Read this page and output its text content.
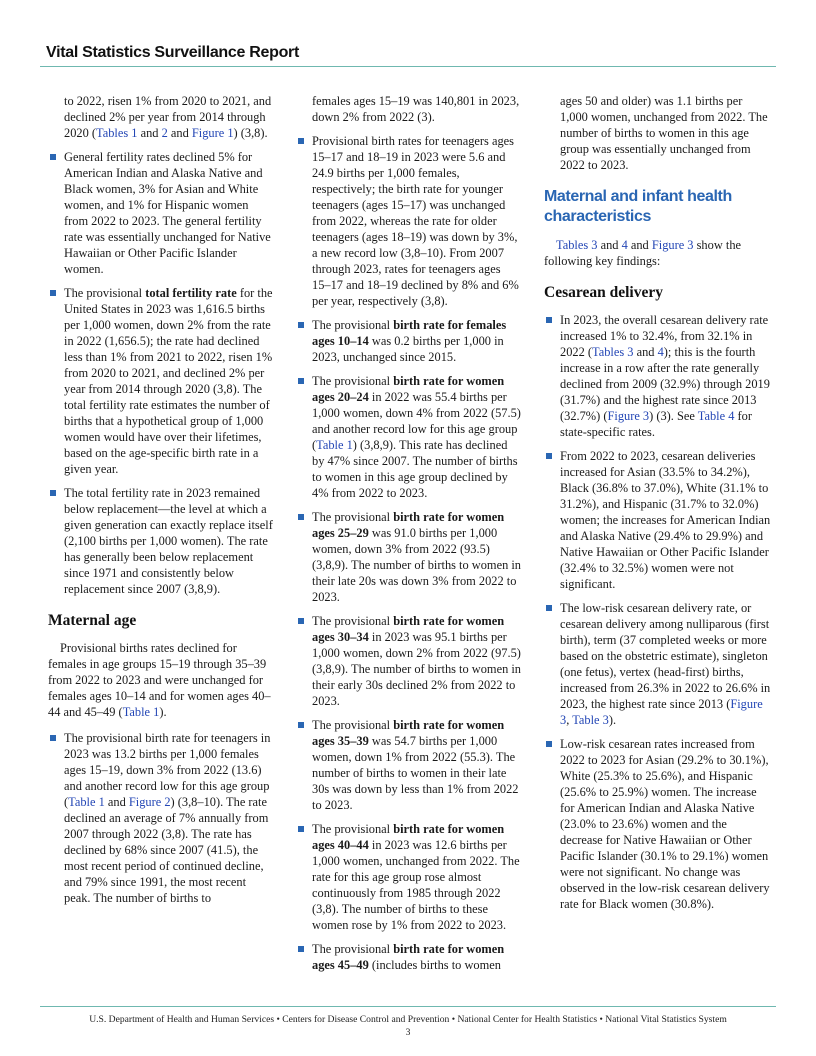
Vital Statistics Surveillance Report

to 2022, risen 1% from 2020 to 2021, and declined 2% per year from 2014 through 2020 (Tables 1 and 2 and Figure 1) (3,8).

General fertility rates declined 5% for American Indian and Alaska Native and Black women, 3% for Asian and White women, and 1% for Hispanic women from 2022 to 2023. The general fertility rate was essentially unchanged for Native Hawaiian or Other Pacific Islander women.
The provisional total fertility rate for the United States in 2023 was 1,616.5 births per 1,000 women, down 2% from the rate in 2022 (1,656.5); the rate had declined less than 1% from 2021 to 2022, risen 1% from 2020 to 2021, and declined 2% per year from 2014 through 2020 (3,8). The total fertility rate estimates the number of births that a hypothetical group of 1,000 women would have over their lifetimes, based on the age-specific birth rate in a given year.
The total fertility rate in 2023 remained below replacement—the level at which a given generation can exactly replace itself (2,100 births per 1,000 women). The rate has generally been below replacement since 1971 and consistently below replacement since 2007 (3,8,9).
Maternal age

Provisional births rates declined for females in age groups 15–19 through 35–39 from 2022 to 2023 and were unchanged for females ages 10–14 and for women ages 40–44 and 45–49 (Table 1).

The provisional birth rate for teenagers in 2023 was 13.2 births per 1,000 females ages 15–19, down 3% from 2022 (13.6) and another record low for this age group (Table 1 and Figure 2) (3,8–10). The rate declined an average of 7% annually from 2007 through 2022 (3,8). The rate has declined by 68% since 2007 (41.5), the most recent period of continued decline, and 79% since 1991, the most recent peak. The number of births to

females ages 15–19 was 140,801 in 2023, down 2% from 2022 (3).

Provisional birth rates for teenagers ages 15–17 and 18–19 in 2023 were 5.6 and 24.9 births per 1,000 females, respectively; the birth rate for younger teenagers (ages 15–17) was unchanged from 2022, whereas the rate for older teenagers (ages 18–19) was down by 3%, a new record low (3,8–10). From 2007 through 2023, rates for teenagers ages 15–17 and 18–19 declined by 8% and 6% per year, respectively (3,8).
The provisional birth rate for females ages 10–14 was 0.2 births per 1,000 in 2023, unchanged since 2015.
The provisional birth rate for women ages 20–24 in 2022 was 55.4 births per 1,000 women, down 4% from 2022 (57.5) and another record low for this age group (Table 1) (3,8,9). This rate has declined by 47% since 2007. The number of births to women in this age group declined by 4% from 2022 to 2023.
The provisional birth rate for women ages 25–29 was 91.0 births per 1,000 women, down 3% from 2022 (93.5) (3,8,9). The number of births to women in their late 20s was down 3% from 2022 to 2023.
The provisional birth rate for women ages 30–34 in 2023 was 95.1 births per 1,000 women, down 2% from 2022 (97.5) (3,8,9). The number of births to women in their early 30s declined 2% from 2022 to 2023.
The provisional birth rate for women ages 35–39 was 54.7 births per 1,000 women, down 1% from 2022 (55.3). The number of births to women in their late 30s was down by less than 1% from 2022 to 2023.
The provisional birth rate for women ages 40–44 in 2023 was 12.6 births per 1,000 women, unchanged from 2022. The rate for this age group rose almost continuously from 1985 through 2022 (3,8). The number of births to these women rose by 1% from 2022 to 2023.
The provisional birth rate for women ages 45–49 (includes births to women

ages 50 and older) was 1.1 births per 1,000 women, unchanged from 2022. The number of births to women in this age group was essentially unchanged from 2022 to 2023.

Maternal and infant health characteristics

Tables 3 and 4 and Figure 3 show the following key findings:

Cesarean delivery
In 2023, the overall cesarean delivery rate increased 1% to 32.4%, from 32.1% in 2022 (Tables 3 and 4); this is the fourth increase in a row after the rate generally declined from 2009 (32.9%) through 2019 (31.7%) and the highest rate since 2013 (32.7%) (Figure 3) (3). See Table 4 for state-specific rates.
From 2022 to 2023, cesarean deliveries increased for Asian (33.5% to 34.2%), Black (36.8% to 37.0%), White (31.1% to 31.2%), and Hispanic (31.7% to 32.0%) women; the increases for American Indian and Alaska Native (29.4% to 29.9%) and Native Hawaiian or Other Pacific Islander (32.4% to 32.5%) women were not significant.
The low-risk cesarean delivery rate, or cesarean delivery among nulliparous (first birth), term (37 completed weeks or more based on the obstetric estimate), singleton (one fetus), vertex (head-first) births, increased from 26.3% in 2022 to 26.6% in 2023, the highest rate since 2013 (Figure 3, Table 3).
Low-risk cesarean rates increased from 2022 to 2023 for Asian (29.2% to 30.1%), White (25.3% to 25.6%), and Hispanic (25.6% to 25.9%) women. The increase for American Indian and Alaska Native (23.0% to 23.6%) women and the decrease for Native Hawaiian or Other Pacific Islander (30.1% to 29.1%) women were not significant. No change was observed in the low-risk cesarean delivery rate for Black women (30.8%).
U.S. Department of Health and Human Services • Centers for Disease Control and Prevention • National Center for Health Statistics • National Vital Statistics System
3
